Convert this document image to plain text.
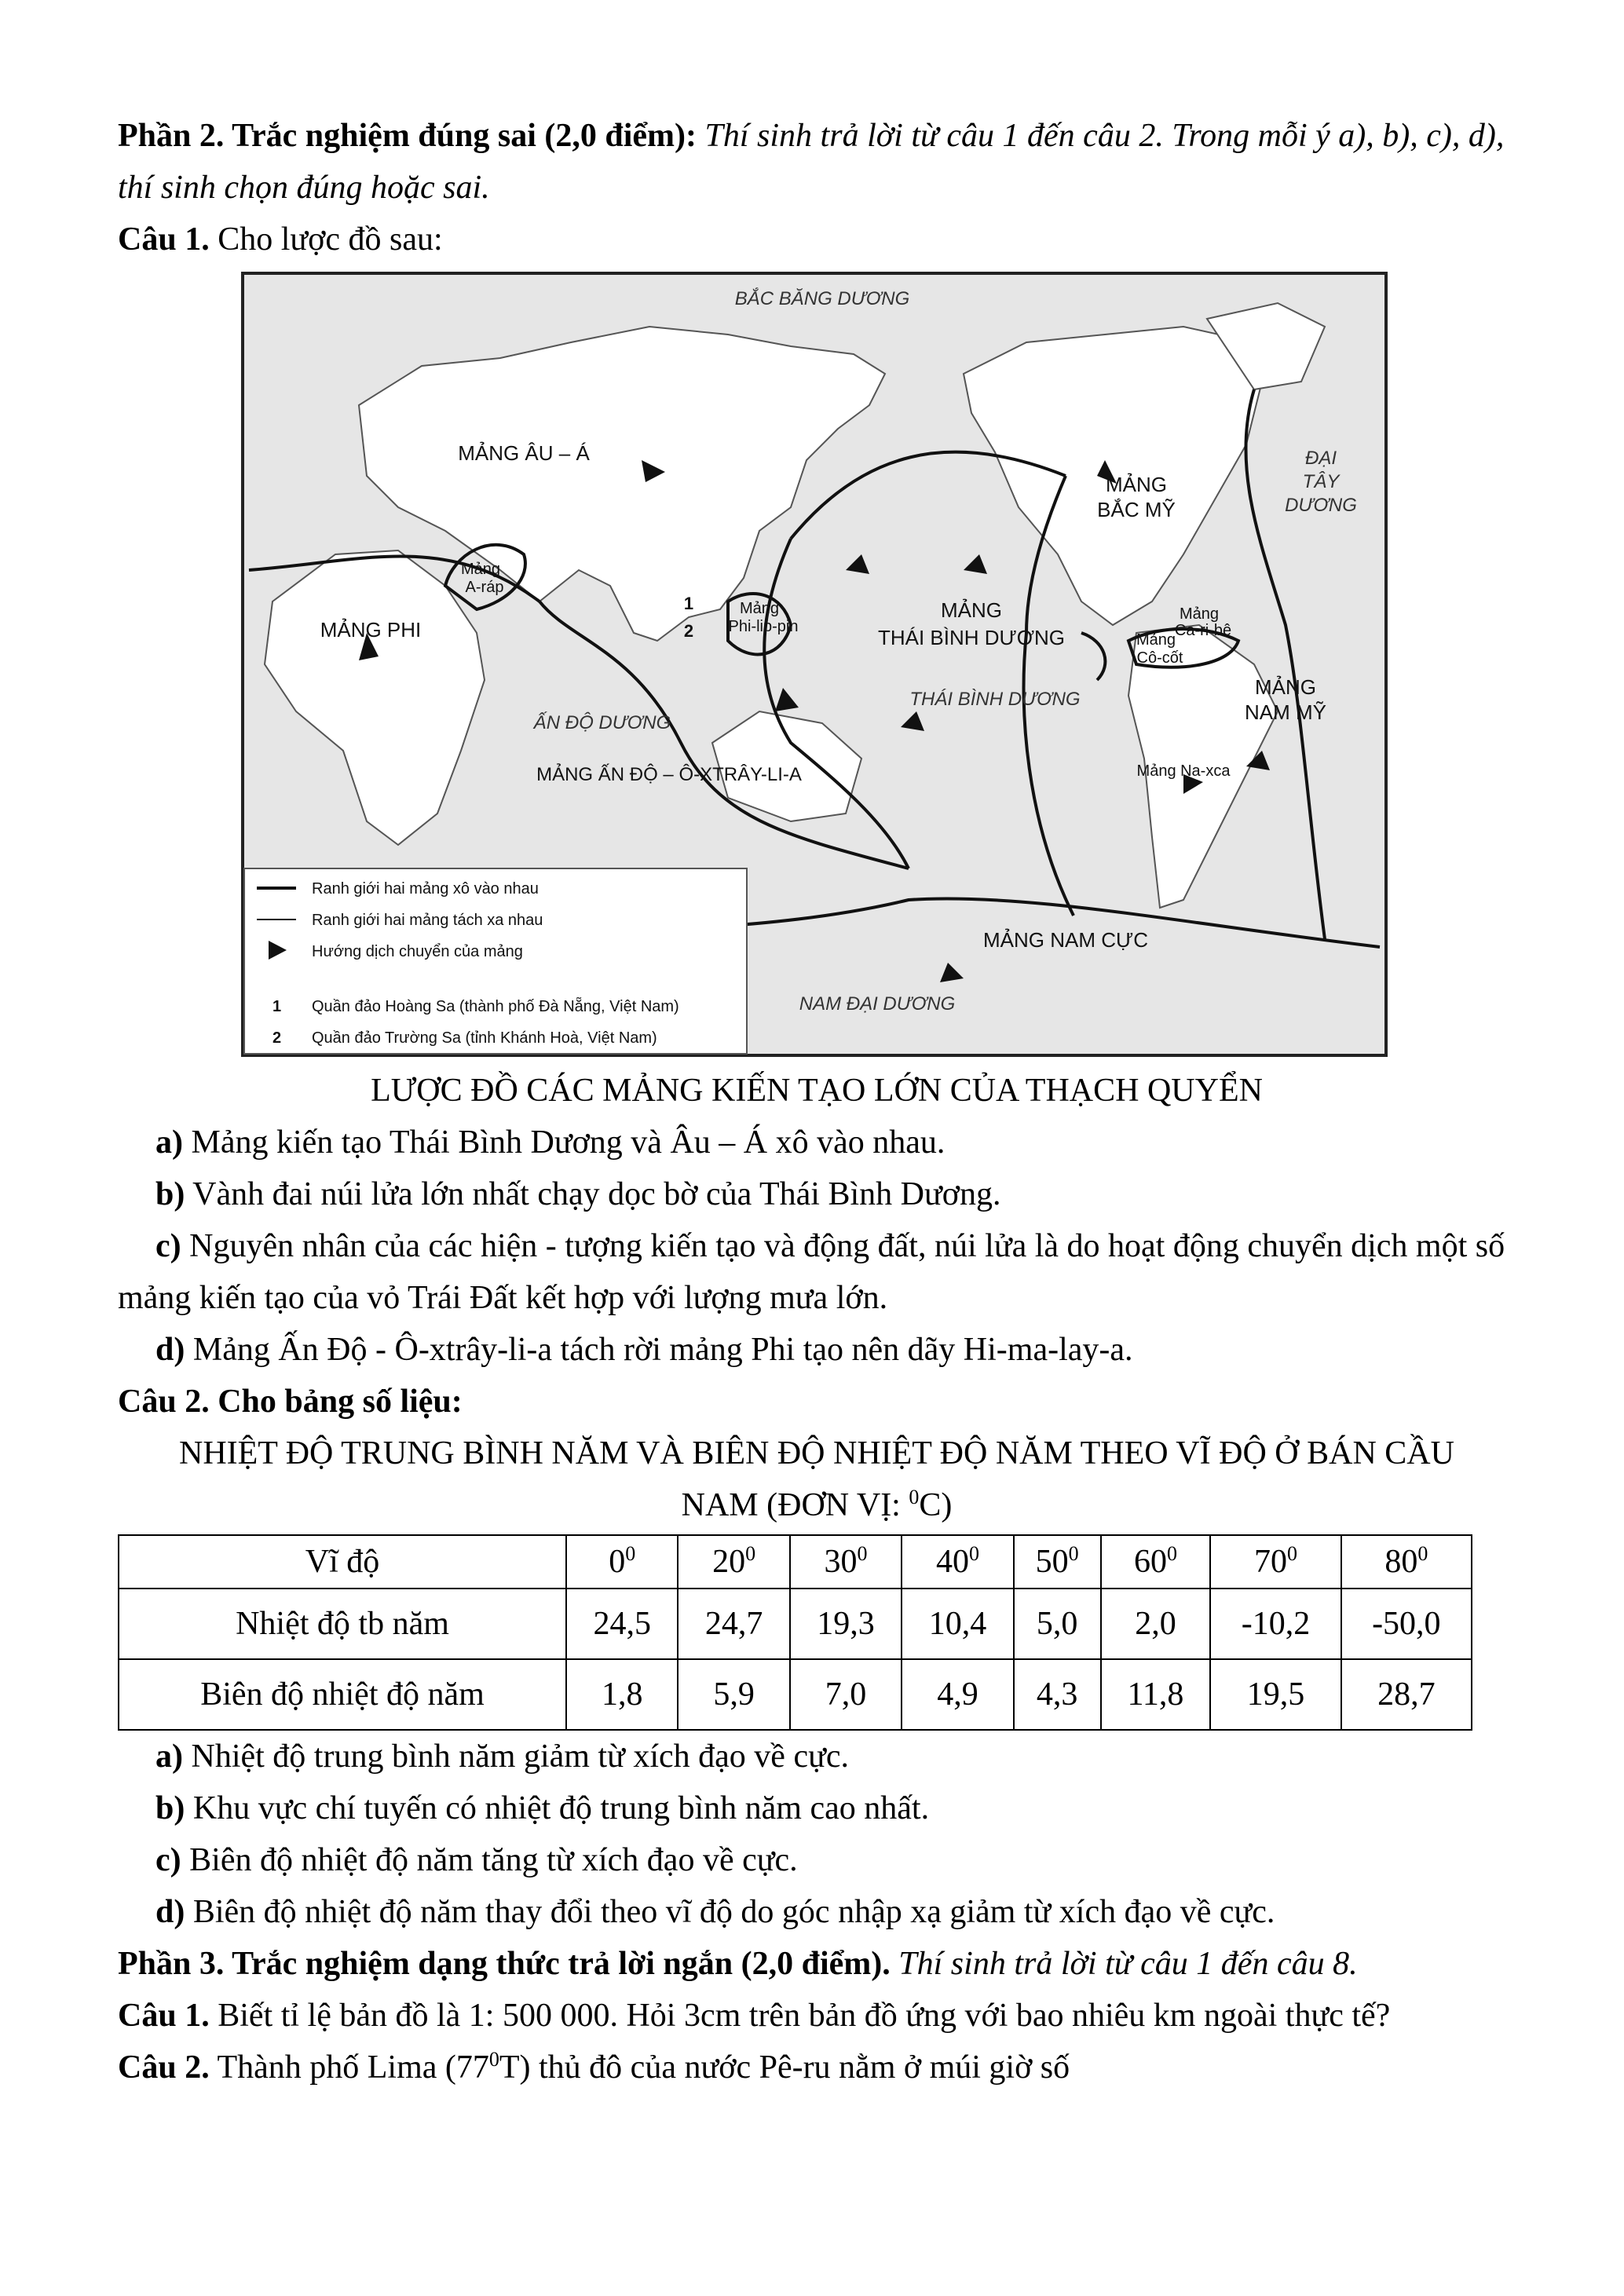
Phần 2. Trắc nghiệm đúng sai (2,0 điểm): Thí sinh trả lời từ câu 1 đến câu 2. Trong mỗi ý a), b), c), d), thí sinh chọn đúng hoặc sai.

Câu 1. Cho lược đồ sau:

BẮC BĂNG DƯƠNG
MẢNG ÂU – Á
MẢNG
BẮC MỸ
ĐẠI
TÂY
DƯƠNG
Mảng
A-ráp
MẢNG PHI
Mảng
Phi-lip-pin
MẢNG
THÁI BÌNH DƯƠNG	Mảng
Cô-cốt
Mảng
Ca-ri-bê
THÁI BÌNH DƯƠNG
MẢNG
NAM MỸ
ẤN ĐỘ DƯƠNG
MẢNG ẤN ĐỘ – Ô-XTRÂY-LI-A	Mảng Na-xca
MẢNG NAM CỰC
NAM ĐẠI DƯƠNG
1
2
1
2
Ranh giới hai mảng xô vào nhau
Ranh giới hai mảng tách xa nhau
Hướng dịch chuyển của mảng
Quần đảo Hoàng Sa (thành phố Đà Nẵng, Việt Nam)
Quần đảo Trường Sa (tỉnh Khánh Hoà, Việt Nam)

LƯỢC ĐỒ CÁC MẢNG KIẾN TẠO LỚN CỦA THẠCH QUYỂN

a) Mảng kiến tạo Thái Bình Dương và Âu – Á xô vào nhau.

b) Vành đai núi lửa lớn nhất chạy dọc bờ của Thái Bình Dương.

c) Nguyên nhân của các hiện - tượng kiến tạo và động đất, núi lửa là do hoạt động chuyển dịch một số mảng kiến tạo của vỏ Trái Đất kết hợp với lượng mưa lớn.

d) Mảng Ấn Độ - Ô-xtrây-li-a tách rời mảng Phi tạo nên dãy Hi-ma-lay-a.

Câu 2. Cho bảng số liệu:

NHIỆT ĐỘ TRUNG BÌNH NĂM VÀ BIÊN ĐỘ NHIỆT ĐỘ NĂM THEO VĨ ĐỘ Ở BÁN CẦU

NAM (ĐƠN VỊ: $^0$C)

Vĩ độ	$0^0$	$20^0$	$30^0$	$40^0$	$50^0$	$60^0$	$70^0$	$80^0$
Nhiệt độ tb năm	24,5	24,7	19,3	10,4	5,0	2,0	-10,2	-50,0
Biên độ nhiệt độ năm	1,8	5,9	7,0	4,9	4,3	11,8	19,5	28,7

a) Nhiệt độ trung bình năm giảm từ xích đạo về cực.

b) Khu vực chí tuyến có nhiệt độ trung bình năm cao nhất.

c) Biên độ nhiệt độ năm tăng từ xích đạo về cực.

d) Biên độ nhiệt độ năm thay đổi theo vĩ độ do góc nhập xạ giảm từ xích đạo về cực.

Phần 3. Trắc nghiệm dạng thức trả lời ngắn (2,0 điểm). Thí sinh trả lời từ câu 1 đến câu 8.

Câu 1. Biết tỉ lệ bản đồ là 1: 500 000. Hỏi 3cm trên bản đồ ứng với bao nhiêu km ngoài thực tế?

Câu 2. Thành phố Lima $(77^0T)$ thủ đô của nước Pê-ru nằm ở múi giờ số
